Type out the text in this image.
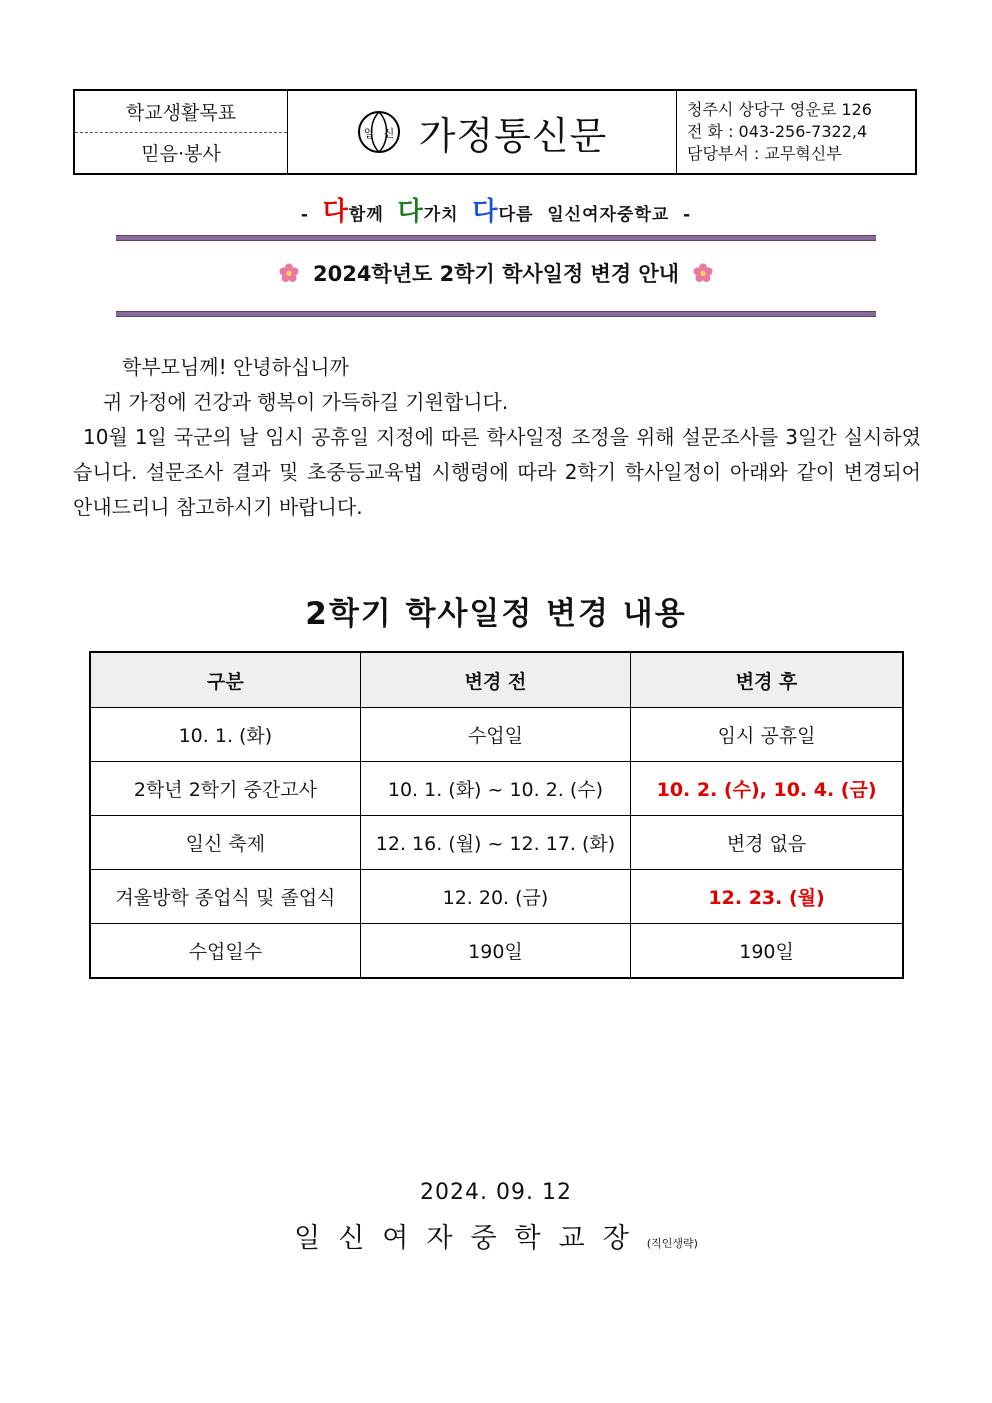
학교생활목표
믿음·봉사
일 신 가정통신문
청주시 상당구 영운로 126
전 화 : 043-256-7322,4
담당부서 : 교무혁신부
- 다함께 다가치 다다름 일신여자중학교 -
2024학년도 2학기 학사일정 변경 안내
학부모님께! 안녕하십니까
귀 가정에 건강과 행복이 가득하길 기원합니다.
10월 1일 국군의 날 임시 공휴일 지정에 따른 학사일정 조정을 위해 설문조사를 3일간 실시하였습니다. 설문조사 결과 및 초중등교육법 시행령에 따라 2학기 학사일정이 아래와 같이 변경되어 안내드리니 참고하시기 바랍니다.
2학기 학사일정 변경 내용
구분	변경 전	변경 후
10. 1. (화)	수업일	임시 공휴일
2학년 2학기 중간고사	10. 1. (화) ~ 10. 2. (수)	10. 2. (수), 10. 4. (금)
일신 축제	12. 16. (월) ~ 12. 17. (화)	변경 없음
겨울방학 종업식 및 졸업식	12. 20. (금)	12. 23. (월)
수업일수	190일	190일
2024. 09. 12
일신여자중학교장(직인생략)
